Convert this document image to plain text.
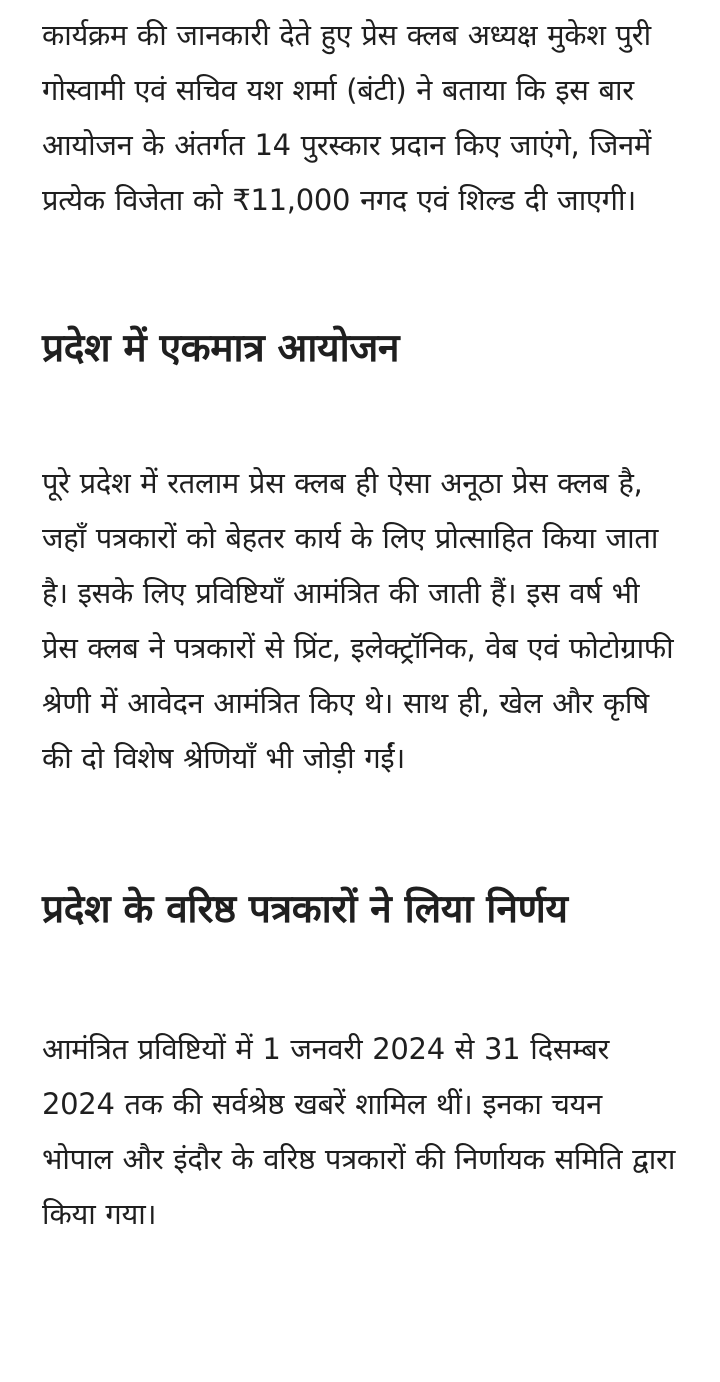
कार्यक्रम की जानकारी देते हुए प्रेस क्लब अध्यक्ष मुकेश पुरी गोस्वामी एवं सचिव यश शर्मा (बंटी) ने बताया कि इस बार आयोजन के अंतर्गत 14 पुरस्कार प्रदान किए जाएंगे, जिनमें प्रत्येक विजेता को ₹11,000 नगद एवं शिल्ड दी जाएगी।

प्रदेश में एकमात्र आयोजन

पूरे प्रदेश में रतलाम प्रेस क्लब ही ऐसा अनूठा प्रेस क्लब है, जहाँ पत्रकारों को बेहतर कार्य के लिए प्रोत्साहित किया जाता है। इसके लिए प्रविष्टियाँ आमंत्रित की जाती हैं। इस वर्ष भी प्रेस क्लब ने पत्रकारों से प्रिंट, इलेक्ट्रॉनिक, वेब एवं फोटोग्राफी श्रेणी में आवेदन आमंत्रित किए थे। साथ ही, खेल और कृषि की दो विशेष श्रेणियाँ भी जोड़ी गईं।

प्रदेश के वरिष्ठ पत्रकारों ने लिया निर्णय

आमंत्रित प्रविष्टियों में 1 जनवरी 2024 से 31 दिसम्बर 2024 तक की सर्वश्रेष्ठ खबरें शामिल थीं। इनका चयन भोपाल और इंदौर के वरिष्ठ पत्रकारों की निर्णायक समिति द्वारा किया गया।
